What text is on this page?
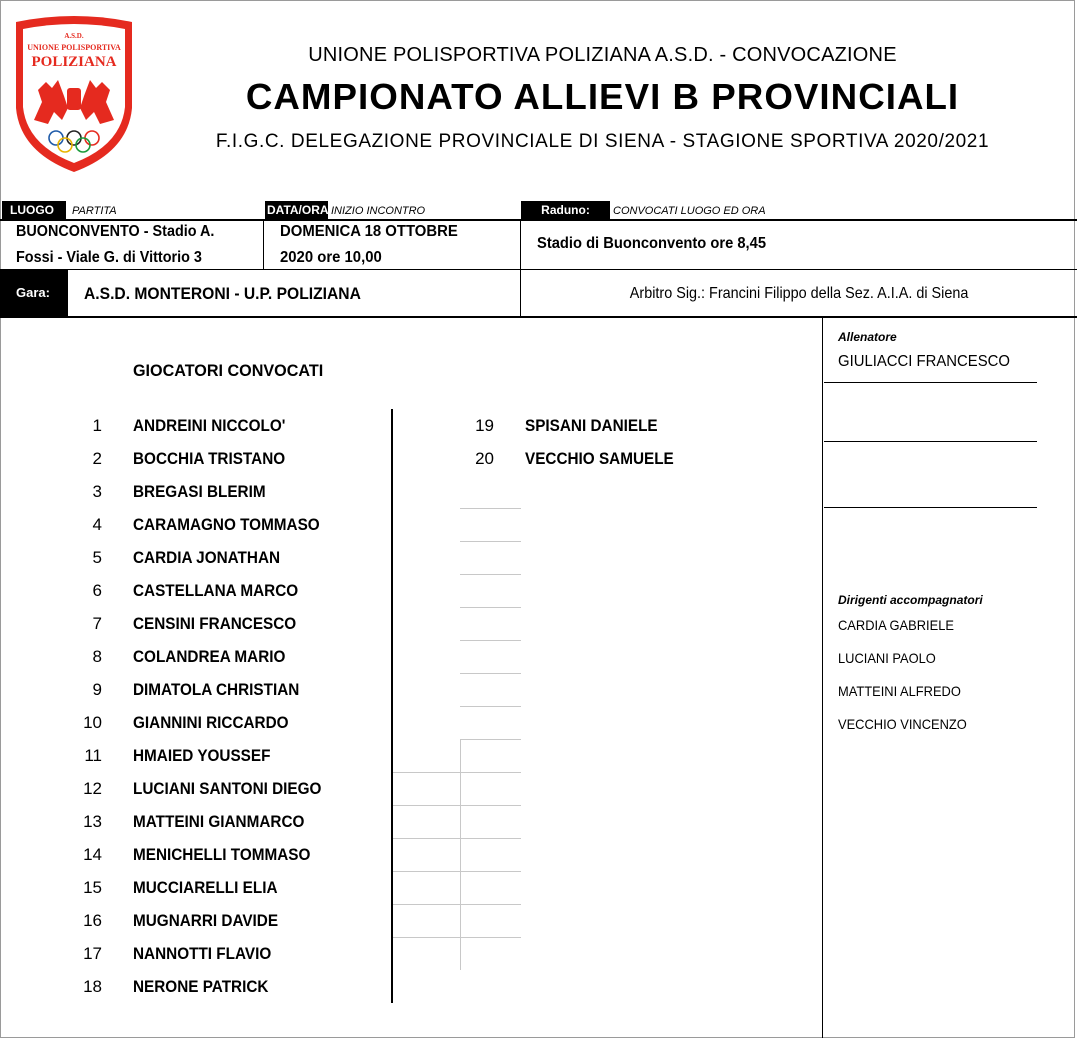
A.S.D.
UNIONE POLISPORTIVA
POLIZIANA	UNIONE POLISPORTIVA POLIZIANA A.S.D. - CONVOCAZIONE
CAMPIONATO ALLIEVI B PROVINCIALI
F.I.G.C. DELEGAZIONE PROVINCIALE DI SIENA - STAGIONE SPORTIVA 2020/2021
LUOGO	PARTITA	DATA/ORA INIZIO INCONTRO	Raduno:	CONVOCATI LUOGO ED ORA
BUONCONVENTO - Stadio A.
Fossi - Viale G. di Vittorio 3
DOMENICA 18 OTTOBRE
2020 ore 10,00
Stadio di Buonconvento ore 8,45
Gara:	A.S.D. MONTERONI - U.P. POLIZIANA	Arbitro Sig.: Francini Filippo della Sez. A.I.A. di Siena
Allenatore
GIULIACCI FRANCESCO
Dirigenti accompagnatori
CARDIA GABRIELE
LUCIANI PAOLO
MATTEINI ALFREDO
VECCHIO VINCENZO
GIOCATORI CONVOCATI
1 ANDREINI NICCOLO'
2 BOCCHIA TRISTANO
3 BREGASI BLERIM
4 CARAMAGNO TOMMASO
5 CARDIA JONATHAN
6 CASTELLANA MARCO
7 CENSINI FRANCESCO
8 COLANDREA MARIO
9 DIMATOLA CHRISTIAN
10 GIANNINI RICCARDO
11 HMAIED YOUSSEF
12 LUCIANI SANTONI DIEGO
13 MATTEINI GIANMARCO
14 MENICHELLI TOMMASO
15 MUCCIARELLI ELIA
16 MUGNARRI DAVIDE
17 NANNOTTI FLAVIO
18 NERONE PATRICK
19 SPISANI DANIELE
20 VECCHIO SAMUELE
